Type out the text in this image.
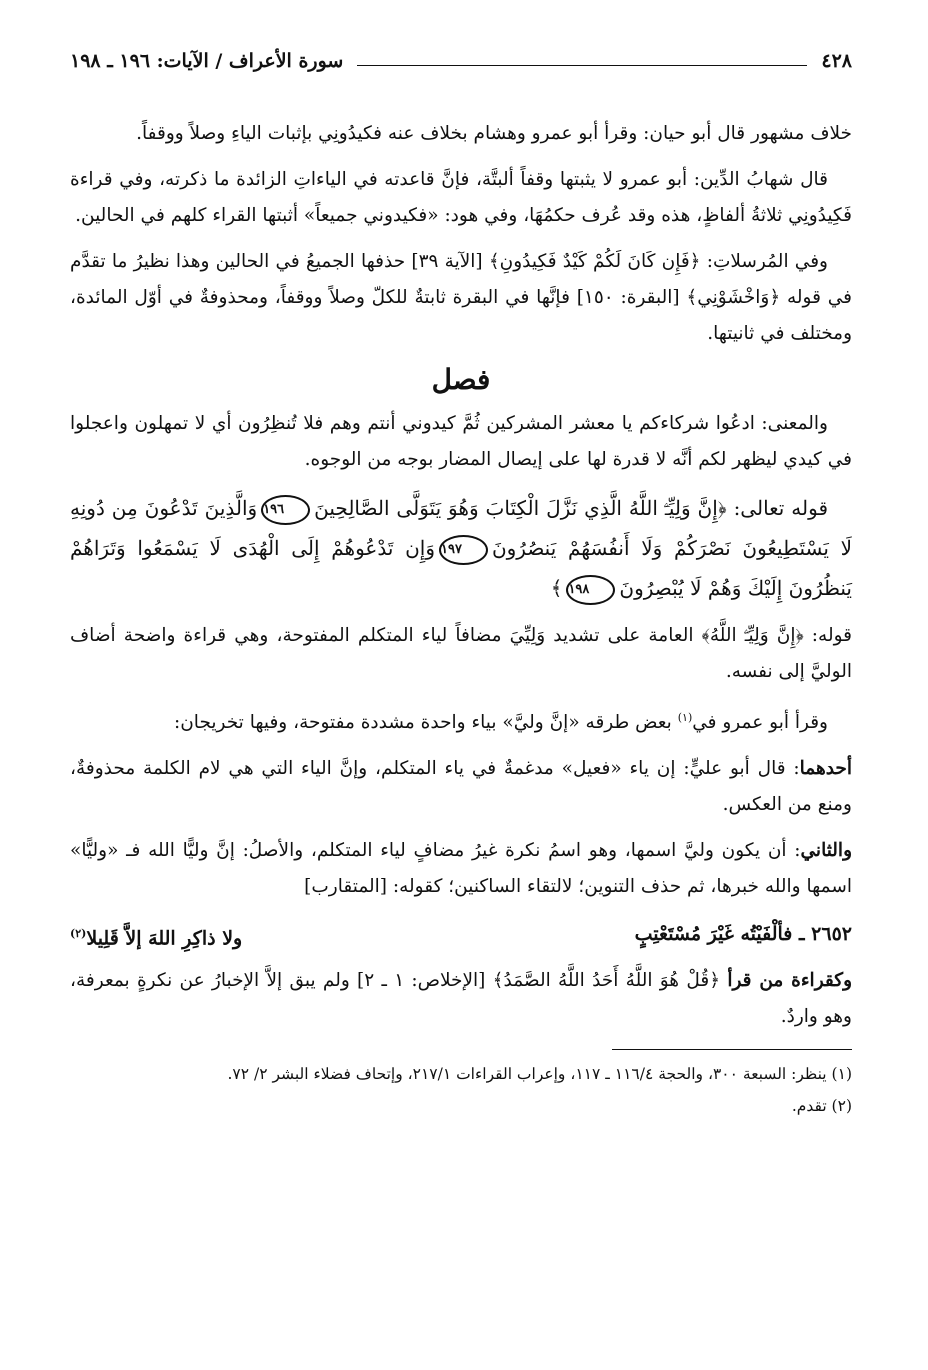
٤٢٨
سورة الأعراف / الآيات: ١٩٦ ـ ١٩٨

خلاف مشهور قال أبو حيان: وقرأ أبو عمرو وهشام بخلاف عنه فكيدُونِي بإثبات الياءِ وصلاً ووقفاً.

قال شهابُ الدِّين: أبو عمرو لا يثبتها وقفاً ألبتَّة، فإنَّ قاعدته في الياءاتِ الزائدة ما ذكرته، وفي قراءة فَكِيدُونِي ثلاثةُ ألفاظٍ، هذه وقد عُرف حكمُهَا، وفي هود: «فكيدوني جميعاً» أثبتها القراء كلهم في الحالين.

وفي المُرسلاتِ: ﴿فَإِن كَانَ لَكُمْ كَيْدٌ فَكِيدُونِ﴾ [الآية ٣٩] حذفها الجميعُ في الحالين وهذا نظيرُ ما تقدَّم في قوله ﴿وَاخْشَوْنِي﴾ [البقرة: ١٥٠] فإنَّها في البقرة ثابتةٌ للكلّ وصلاً ووقفاً، ومحذوفةٌ في أوّل المائدة، ومختلف في ثانيتها.

فصل

والمعنى: ادعُوا شركاءكم يا معشر المشركين ثُمَّ كيدوني أنتم وهم فلا تُنظِرُون أي لا تمهلون واعجلوا في كيدي ليظهر لكم أنَّه لا قدرة لها على إيصال المضار بوجه من الوجوه.

قوله تعالى: ﴿إِنَّ وَلِيِّـَۧ اللَّهُ الَّذِي نَزَّلَ الْكِتَابَ وَهُوَ يَتَوَلَّى الصَّالِحِينَ١٩٦وَالَّذِينَ تَدْعُونَ مِن دُونِهِ لَا يَسْتَطِيعُونَ نَصْرَكُمْ وَلَا أَنفُسَهُمْ يَنصُرُونَ١٩٧وَإِن تَدْعُوهُمْ إِلَى الْهُدَى لَا يَسْمَعُوا وَتَرَاهُمْ يَنظُرُونَ إِلَيْكَ وَهُمْ لَا يُبْصِرُونَ١٩٨﴾

قوله: ﴿إِنَّ وَلِيِّـَۧ اللَّهُ﴾ العامة على تشديد وَلِيِّيَ مضافاً لياء المتكلم المفتوحة، وهي قراءة واضحة أضاف الوليَّ إلى نفسه.

وقرأ أبو عمرو في$^{(١)}$ بعض طرقه «إنَّ وليَّ» بياء واحدة مشددة مفتوحة، وفيها تخريجان:

أحدهما: قال أبو عليٍّ: إن ياء «فعيل» مدغمةٌ في ياء المتكلم، وإنَّ الياء التي هي لام الكلمة محذوفةٌ، ومنع من العكس.

والثاني: أن يكون وليَّ اسمها، وهو اسمُ نكرة غيرُ مضافٍ لياء المتكلم، والأصلُ: إنَّ وليًّا الله فـ «وليًّا» اسمها والله خبرها، ثم حذف التنوين؛ لالتقاء الساكنين؛ كقوله: [المتقارب]

٢٦٥٢ ـ فألْفَيْتُه غَيْرَ مُسْتَعْتِبٍ
ولا ذاكِرِ اللهَ إلاَّ قَلِيلا$^{(٢)}$

وكقراءة من قرأ ﴿قُلْ هُوَ اللَّهُ أَحَدُ اللَّهُ الصَّمَدُ﴾ [الإخلاص: ١ ـ ٢] ولم يبق إلاَّ الإخبارُ عن نكرةٍ بمعرفة، وهو واردٌ.

(١) ينظر: السبعة ٣٠٠، والحجة ١١٦/٤ ـ ١١٧، وإعراب القراءات ٢١٧/١، وإتحاف فضلاء البشر ٢/ ٧٢.

(٢) تقدم.
